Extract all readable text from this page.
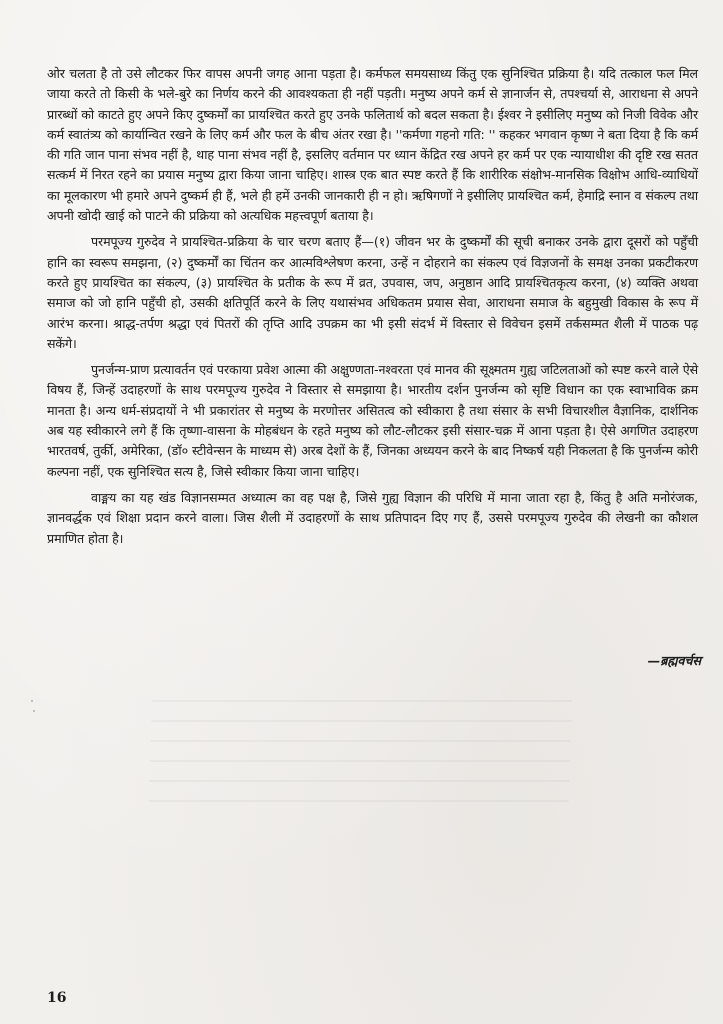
ओर चलता है तो उसे लौटकर फिर वापस अपनी जगह आना पड़ता है। कर्मफल समयसाध्य किंतु एक सुनिश्चित प्रक्रिया है। यदि तत्काल फल मिल जाया करते तो किसी के भले-बुरे का निर्णय करने की आवश्यकता ही नहीं पड़ती। मनुष्य अपने कर्म से ज्ञानार्जन से, तपश्चर्या से, आराधना से अपने प्रारब्धों को काटते हुए अपने किए दुष्कर्मों का प्रायश्चित करते हुए उनके फलितार्थ को बदल सकता है। ईश्वर ने इसीलिए मनुष्य को निजी विवेक और कर्म स्वातंत्र्य को कार्यान्वित रखने के लिए कर्म और फल के बीच अंतर रखा है। ''कर्मणा गहनो गति: '' कहकर भगवान कृष्ण ने बता दिया है कि कर्म की गति जान पाना संभव नहीं है, थाह पाना संभव नहीं है, इसलिए वर्तमान पर ध्यान केंद्रित रख अपने हर कर्म पर एक न्यायाधीश की दृष्टि रख सतत सत्कर्म में निरत रहने का प्रयास मनुष्य द्वारा किया जाना चाहिए। शास्त्र एक बात स्पष्ट करते हैं कि शारीरिक संक्षोभ-मानसिक विक्षोभ आधि-व्याधियों का मूलकारण भी हमारे अपने दुष्कर्म ही हैं, भले ही हमें उनकी जानकारी ही न हो। ऋषिगणों ने इसीलिए प्रायश्चित कर्म, हेमाद्रि स्नान व संकल्प तथा अपनी खोदी खाई को पाटने की प्रक्रिया को अत्यधिक महत्त्वपूर्ण बताया है।

परमपूज्य गुरुदेव ने प्रायश्चित-प्रक्रिया के चार चरण बताए हैं—(१) जीवन भर के दुष्कर्मों की सूची बनाकर उनके द्वारा दूसरों को पहुँची हानि का स्वरूप समझना, (२) दुष्कर्मों का चिंतन कर आत्मविश्लेषण करना, उन्हें न दोहराने का संकल्प एवं विज्ञजनों के समक्ष उनका प्रकटीकरण करते हुए प्रायश्चित का संकल्प, (३) प्रायश्चित के प्रतीक के रूप में व्रत, उपवास, जप, अनुष्ठान आदि प्रायश्चितकृत्य करना, (४) व्यक्ति अथवा समाज को जो हानि पहुँची हो, उसकी क्षतिपूर्ति करने के लिए यथासंभव अधिकतम प्रयास सेवा, आराधना समाज के बहुमुखी विकास के रूप में आरंभ करना। श्राद्ध-तर्पण श्रद्धा एवं पितरों की तृप्ति आदि उपक्रम का भी इसी संदर्भ में विस्तार से विवेचन इसमें तर्कसम्मत शैली में पाठक पढ़ सकेंगे।

पुनर्जन्म-प्राण प्रत्यावर्तन एवं परकाया प्रवेश आत्मा की अक्षुण्णता-नश्वरता एवं मानव की सूक्ष्मतम गुह्य जटिलताओं को स्पष्ट करने वाले ऐसे विषय हैं, जिन्हें उदाहरणों के साथ परमपूज्य गुरुदेव ने विस्तार से समझाया है। भारतीय दर्शन पुनर्जन्म को सृष्टि विधान का एक स्वाभाविक क्रम मानता है। अन्य धर्म-संप्रदायों ने भी प्रकारांतर से मनुष्य के मरणोत्तर असितत्व को स्वीकारा है तथा संसार के सभी विचारशील वैज्ञानिक, दार्शनिक अब यह स्वीकारने लगे हैं कि तृष्णा-वासना के मोहबंधन के रहते मनुष्य को लौट-लौटकर इसी संसार-चक्र में आना पड़ता है। ऐसे अगणित उदाहरण भारतवर्ष, तुर्की, अमेरिका, (डॉ० स्टीवेन्सन के माध्यम से) अरब देशों के हैं, जिनका अध्ययन करने के बाद निष्कर्ष यही निकलता है कि पुनर्जन्म कोरी कल्पना नहीं, एक सुनिश्चित सत्य है, जिसे स्वीकार किया जाना चाहिए।

वाङ्मय का यह खंड विज्ञानसम्मत अध्यात्म का वह पक्ष है, जिसे गुह्य विज्ञान की परिधि में माना जाता रहा है, किंतु है अति मनोरंजक, ज्ञानवर्द्धक एवं शिक्षा प्रदान करने वाला। जिस शैली में उदाहरणों के साथ प्रतिपादन दिए गए हैं, उससे परमपूज्य गुरुदेव की लेखनी का कौशल प्रमाणित होता है।

—ब्रह्मवर्चस
16
